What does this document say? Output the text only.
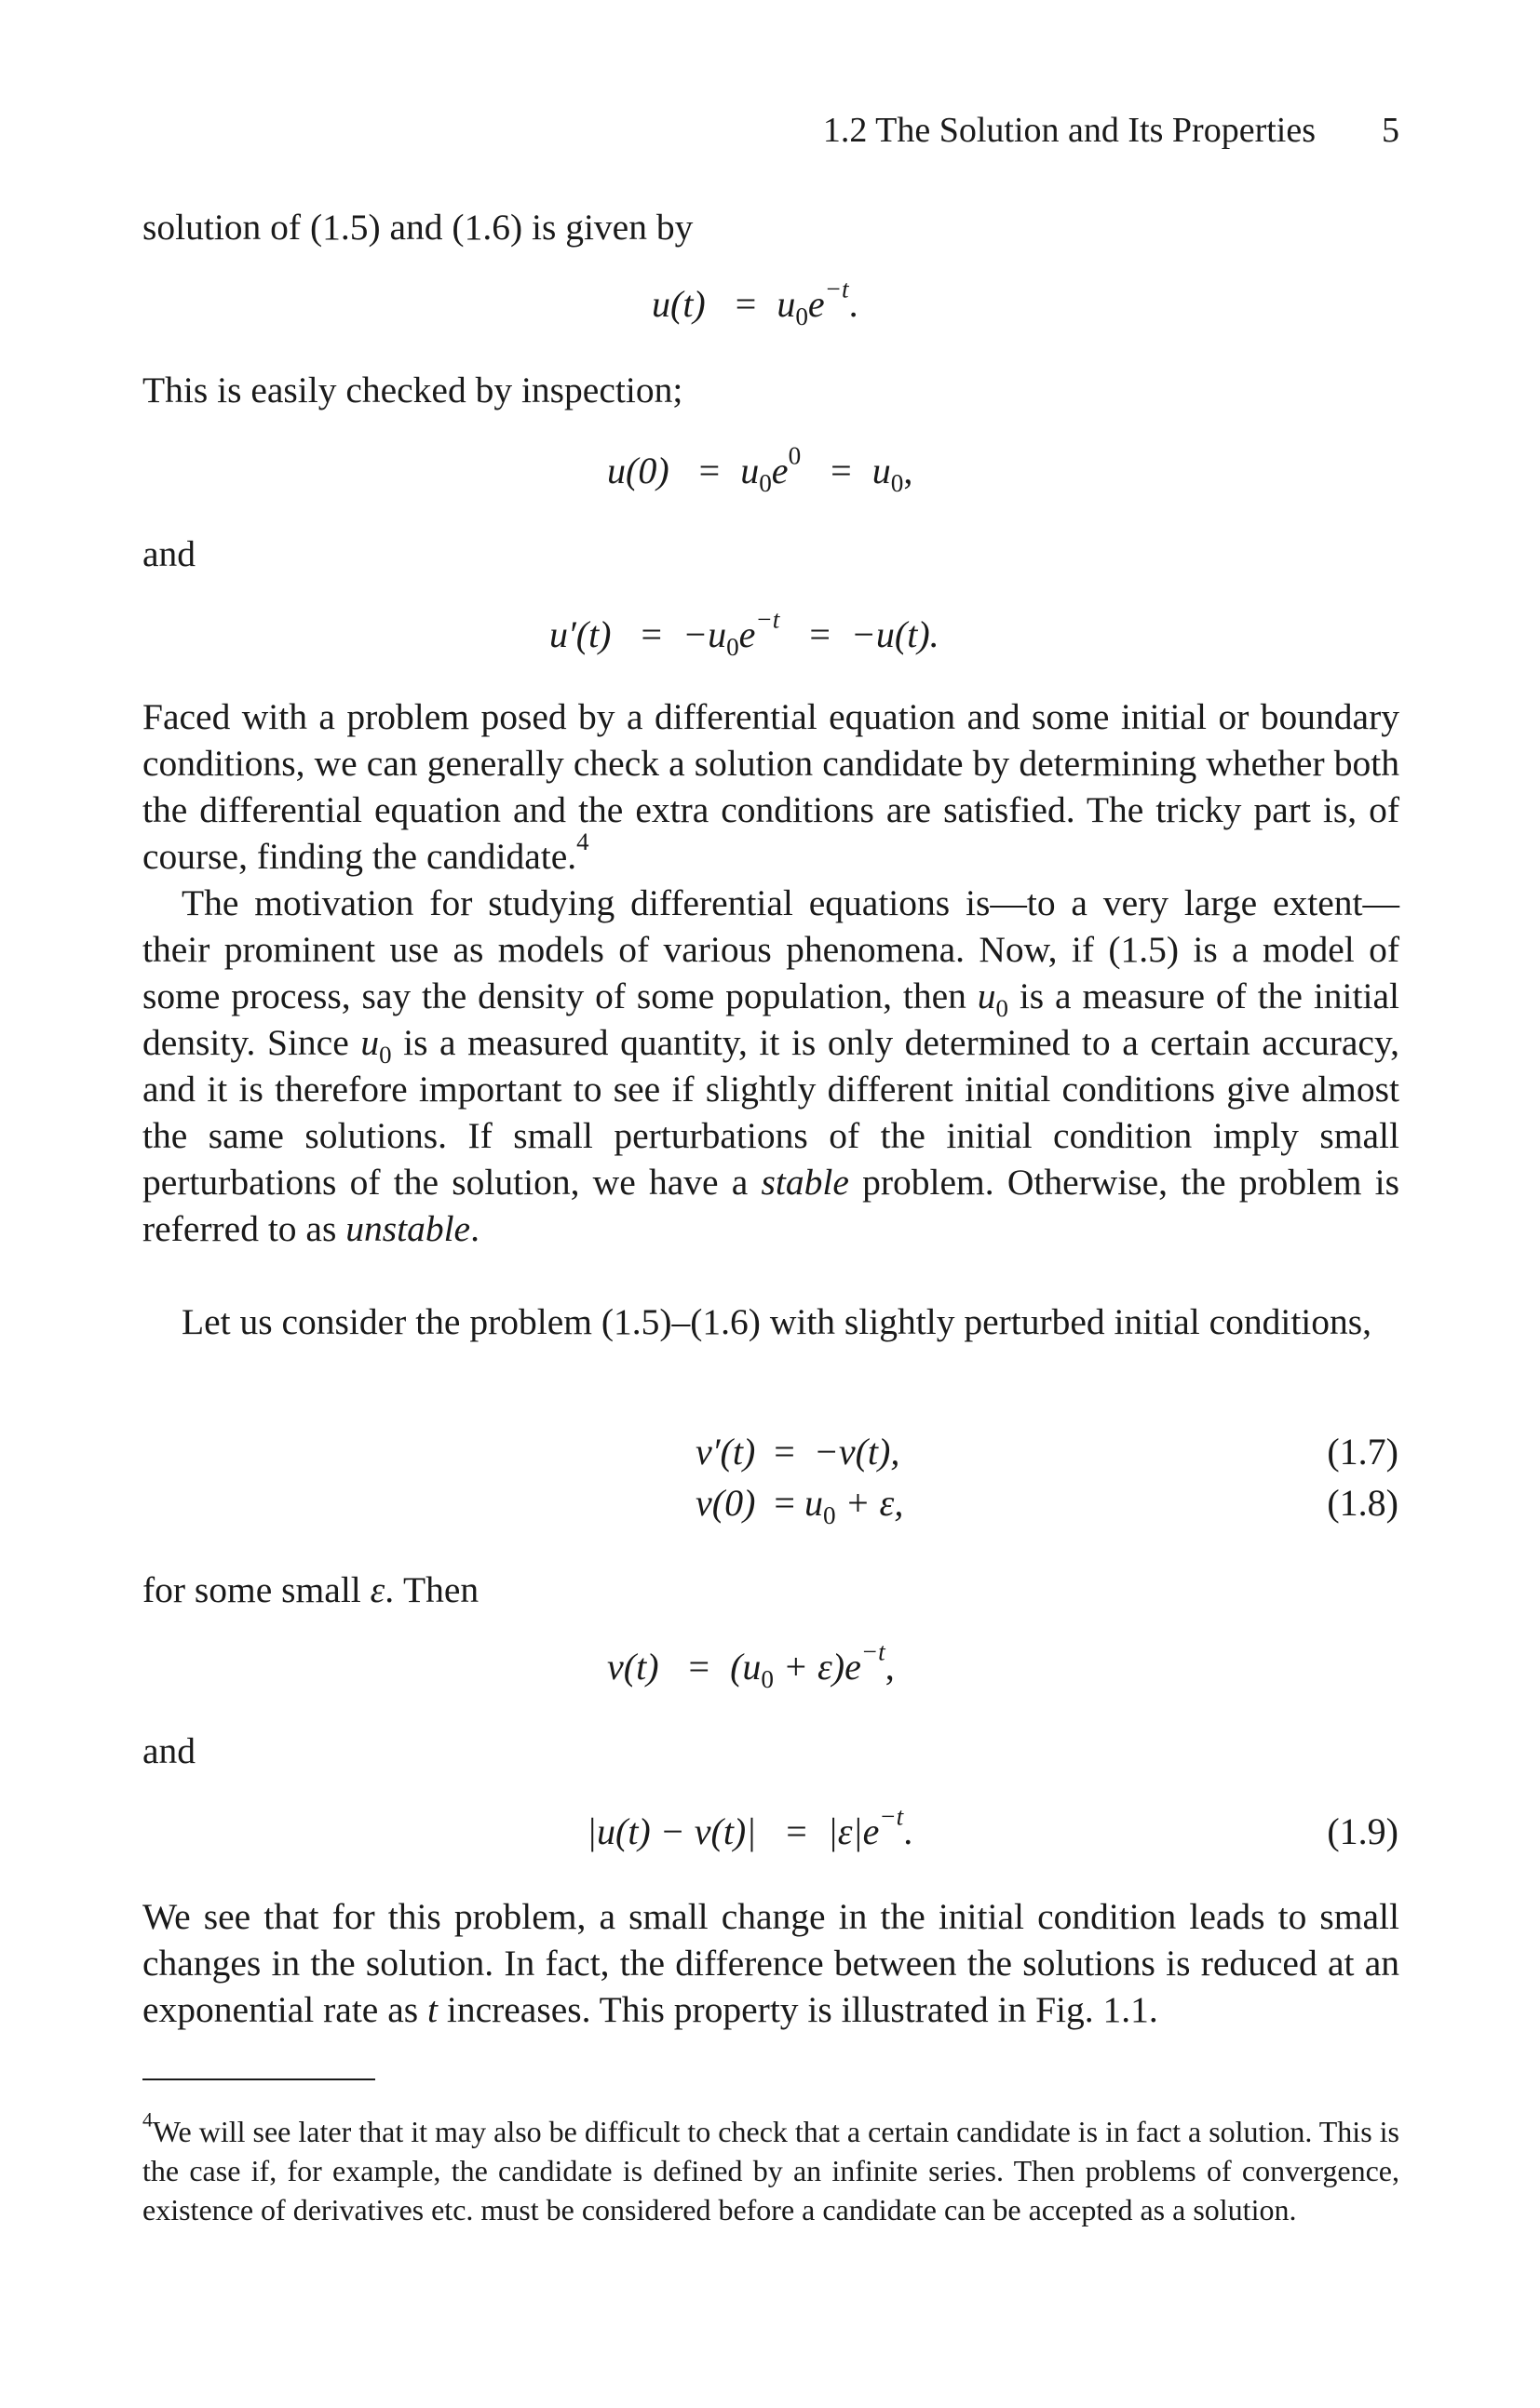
1.2 The Solution and Its Properties 5
solution of (1.5) and (1.6) is given by
$u(t) = u_0e^{-t}$.
This is easily checked by inspection;
$u(0) = u_0e^0 = u_0$,
and
$u'(t) = -u_0e^{-t} = -u(t)$.
Faced with a problem posed by a differential equation and some initial or boundary conditions, we can generally check a solution candidate by determining whether both the differential equation and the extra conditions are satisfied. The tricky part is, of course, finding the candidate.$^4$
The motivation for studying differential equations is—to a very large extent—their prominent use as models of various phenomena. Now, if (1.5) is a model of some process, say the density of some population, then $u_0$ is a measure of the initial density. Since $u_0$ is a measured quantity, it is only determined to a certain accuracy, and it is therefore important to see if slightly different initial conditions give almost the same solutions. If small perturbations of the initial condition imply small perturbations of the solution, we have a stable problem. Otherwise, the problem is referred to as unstable.
Let us consider the problem (1.5)–(1.6) with slightly perturbed initial conditions,
v′(t) = −v(t),	(1.7)
$v(0) = u_0 + \varepsilon$,	(1.8)
for some small ε. Then
$v(t) = (u_0 + \varepsilon)e^{-t}$,
and
$|u(t) - v(t)| = |\varepsilon|e^{-t}$.	(1.9)
We see that for this problem, a small change in the initial condition leads to small changes in the solution. In fact, the difference between the solutions is reduced at an exponential rate as t increases. This property is illustrated in Fig. 1.1.
$^4$We will see later that it may also be difficult to check that a certain candidate is in fact a solution. This is the case if, for example, the candidate is defined by an infinite series. Then problems of convergence, existence of derivatives etc. must be considered before a candidate can be accepted as a solution.
